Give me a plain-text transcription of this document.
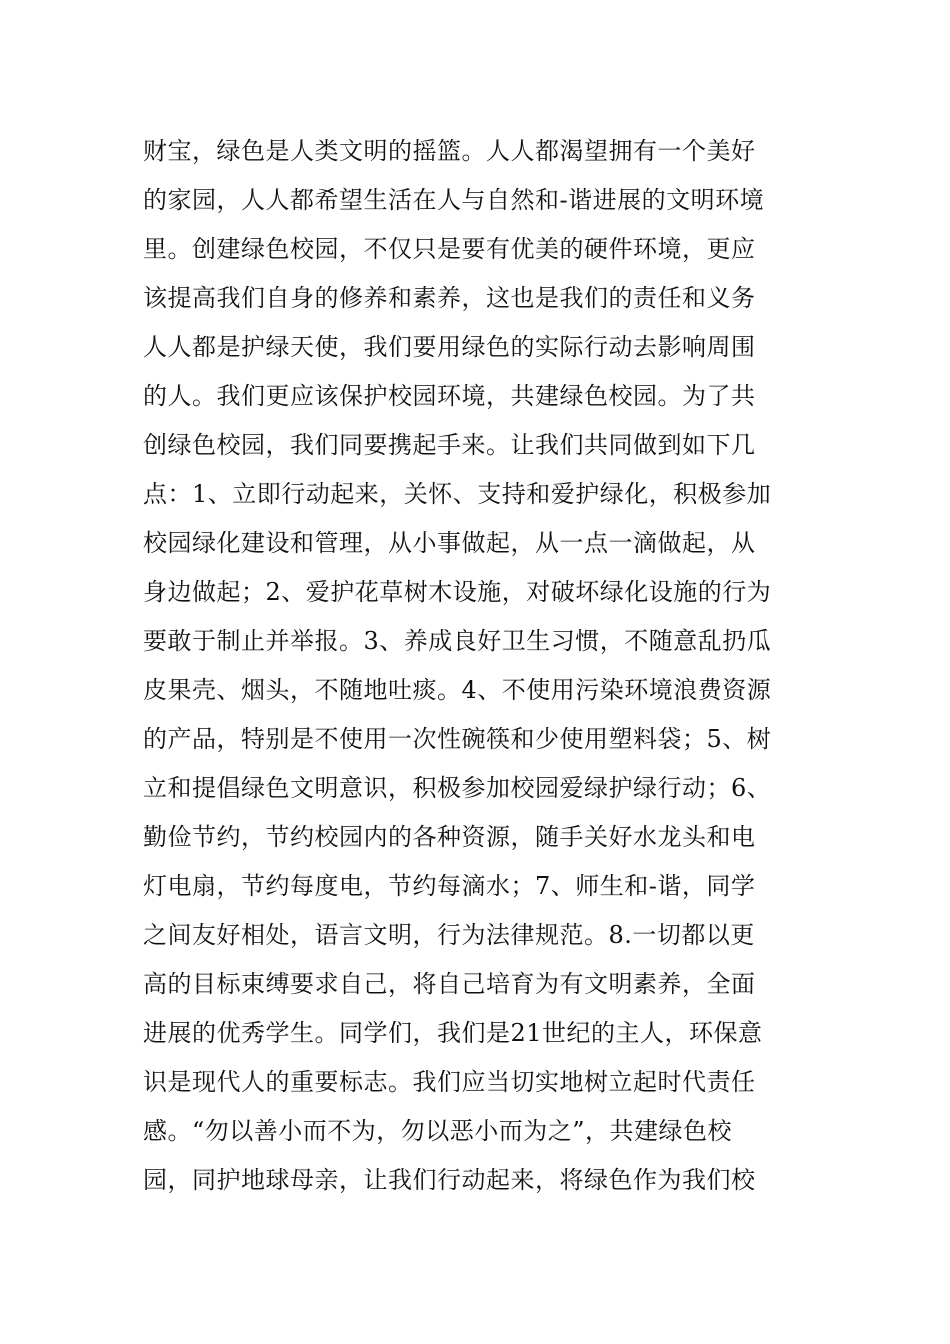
财宝，绿色是人类文明的摇篮。人人都渴望拥有一个美好
的家园，人人都希望生活在人与自然和-谐进展的文明环境
里。创建绿色校园，不仅只是要有优美的硬件环境，更应
该提高我们自身的修养和素养，这也是我们的责任和义务
人人都是护绿天使，我们要用绿色的实际行动去影响周围
的人。我们更应该保护校园环境，共建绿色校园。为了共
创绿色校园，我们同要携起手来。让我们共同做到如下几
点：1、立即行动起来，关怀、支持和爱护绿化，积极参加
校园绿化建设和管理，从小事做起，从一点一滴做起，从
身边做起；2、爱护花草树木设施，对破坏绿化设施的行为
要敢于制止并举报。3、养成良好卫生习惯，不随意乱扔瓜
皮果壳、烟头，不随地吐痰。4、不使用污染环境浪费资源
的产品，特别是不使用一次性碗筷和少使用塑料袋；5、树
立和提倡绿色文明意识，积极参加校园爱绿护绿行动；6、
勤俭节约，节约校园内的各种资源，随手关好水龙头和电
灯电扇，节约每度电，节约每滴水；7、师生和-谐，同学
之间友好相处，语言文明，行为法律规范。8.一切都以更
高的目标束缚要求自己，将自己培育为有文明素养，全面
进展的优秀学生。同学们，我们是21世纪的主人，环保意
识是现代人的重要标志。我们应当切实地树立起时代责任
感。“勿以善小而不为，勿以恶小而为之”，共建绿色校
园，同护地球母亲，让我们行动起来，将绿色作为我们校
